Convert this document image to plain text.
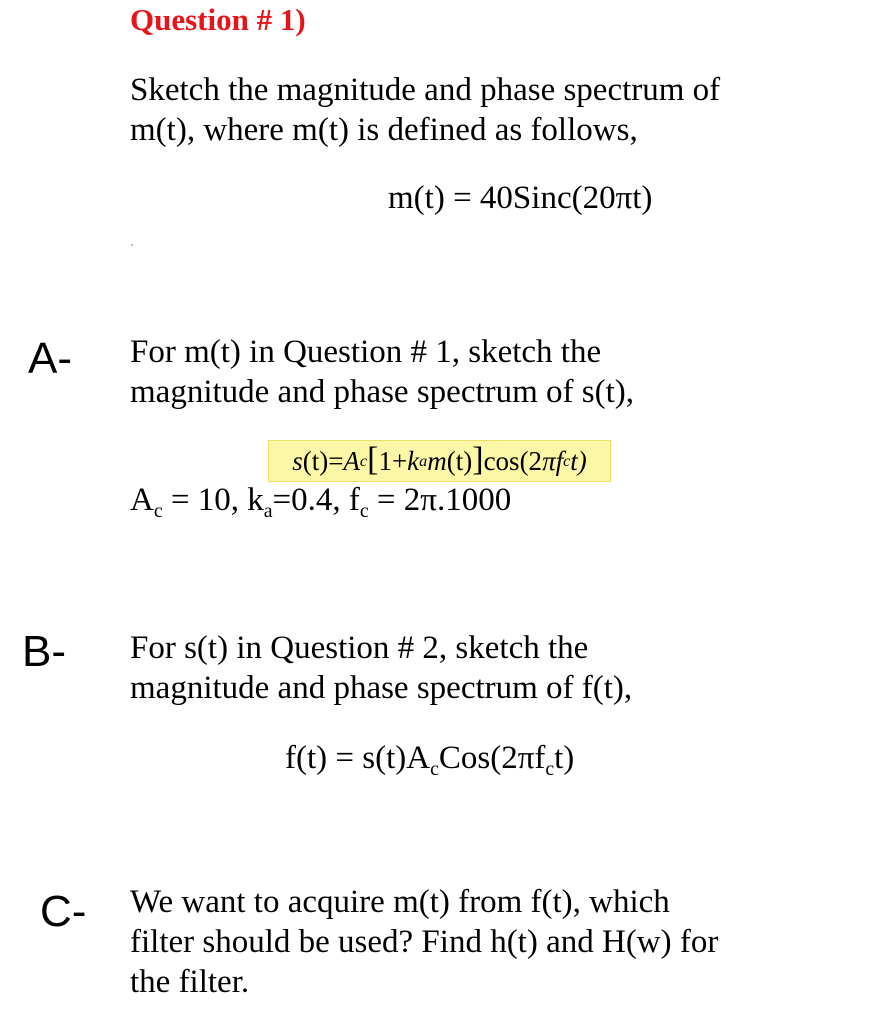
Question # 1)
Sketch the magnitude and phase spectrum of
m(t), where m(t) is defined as follows,
m(t) = 40Sinc(20πt)
A- For m(t) in Question # 1, sketch the
magnitude and phase spectrum of s(t),
s (t) = A c [ 1+ k a m (t) ] cos (2 π f c t)
$A_c = 10$, $k_a=0.4$, $f_c = 2\pi.1000$
B- For s(t) in Question # 2, sketch the
magnitude and phase spectrum of f(t),
$f(t) = s(t)A_cCos(2\pi f_ct)$
C- We want to acquire m(t) from f(t), which
filter should be used? Find h(t) and H(w) for
the filter.
